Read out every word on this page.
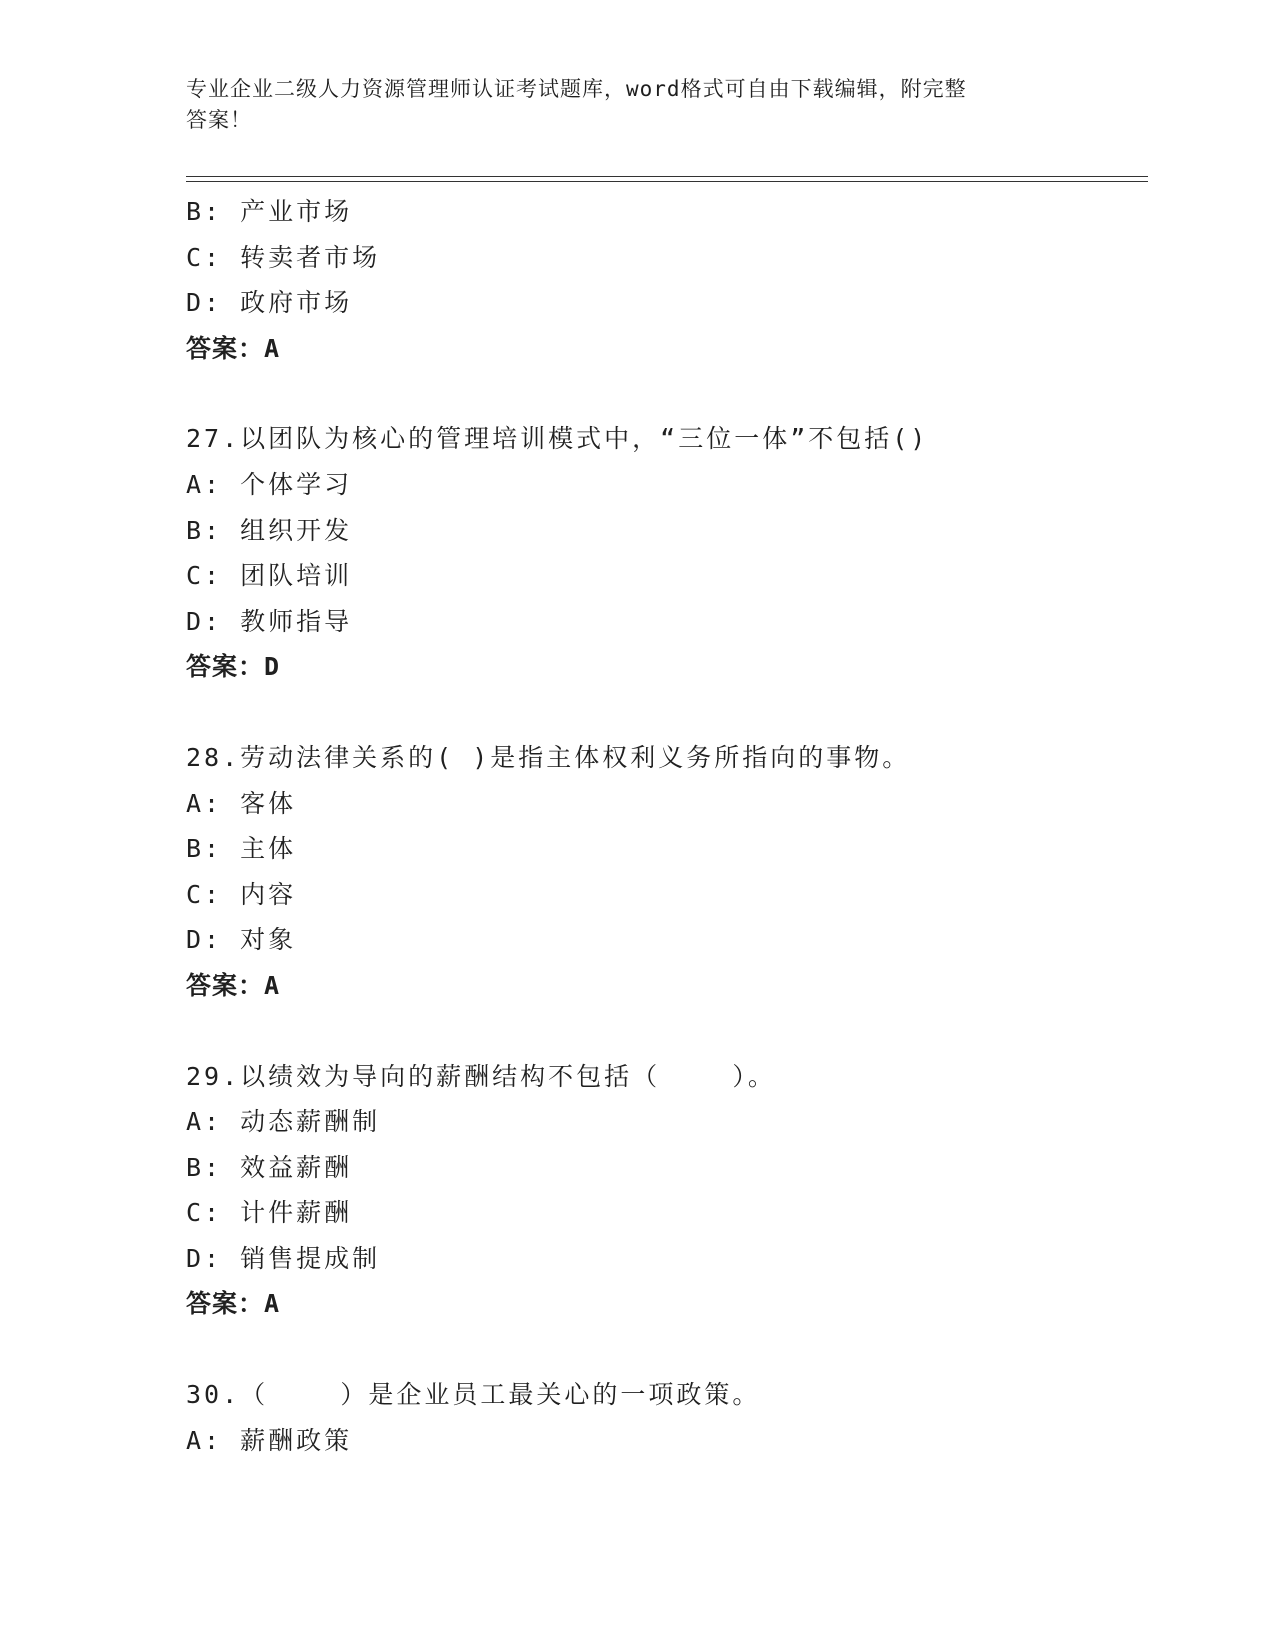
专业企业二级人力资源管理师认证考试题库，word格式可自由下载编辑，附完整
答案！
B: 产业市场
C: 转卖者市场
D: 政府市场
答案：A
27.以团队为核心的管理培训模式中，“三位一体”不包括()
A: 个体学习
B: 组织开发
C: 团队培训
D: 教师指导
答案：D
28.劳动法律关系的( )是指主体权利义务所指向的事物。
A: 客体
B: 主体
C: 内容
D: 对象
答案：A
29.以绩效为导向的薪酬结构不包括（    ）。
A: 动态薪酬制
B: 效益薪酬
C: 计件薪酬
D: 销售提成制
答案：A
30.（    ）是企业员工最关心的一项政策。
A: 薪酬政策
